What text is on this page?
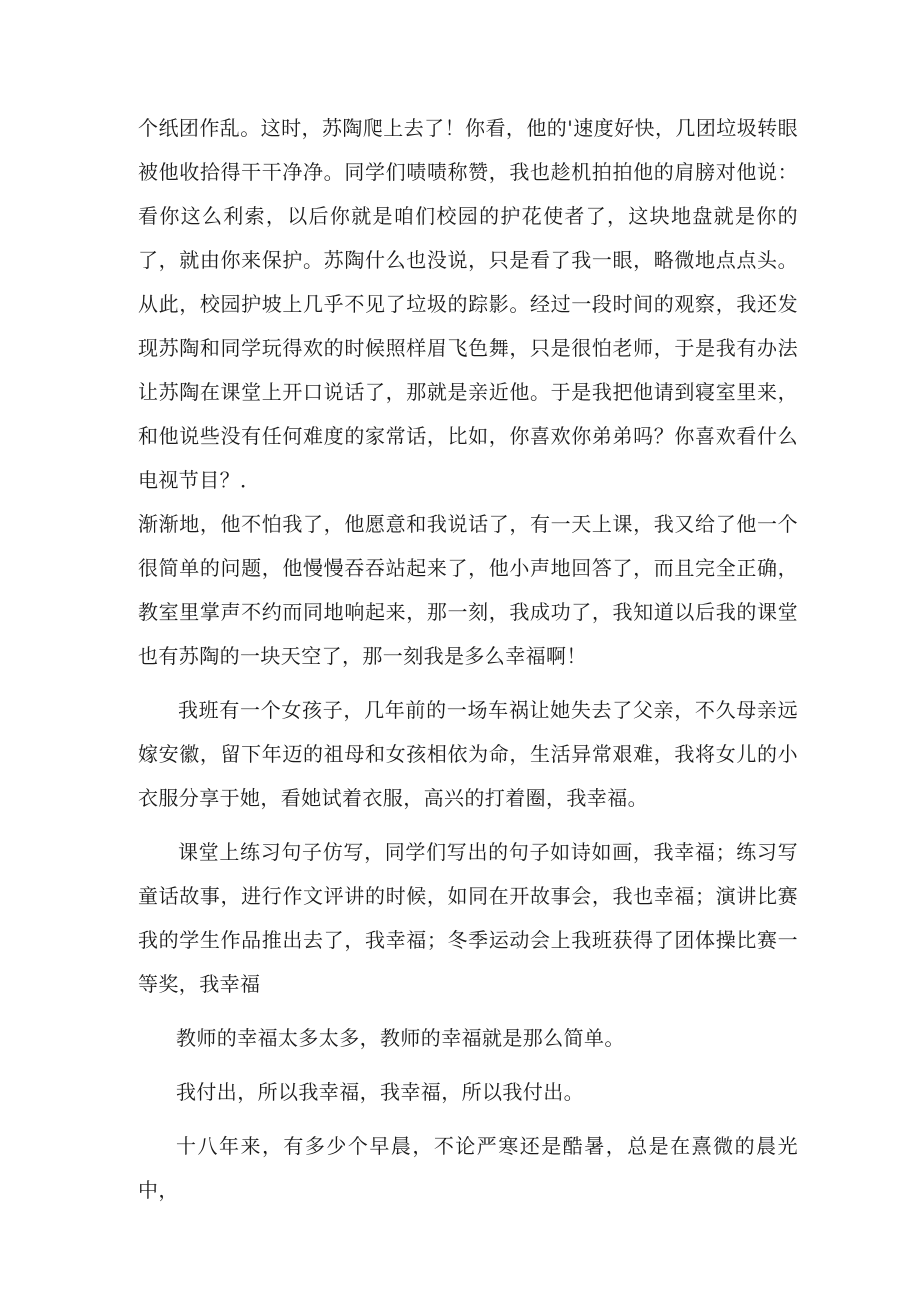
个纸团作乱。这时，苏陶爬上去了！你看，他的'速度好快，几团垃圾转眼被他收拾得干干净净。同学们啧啧称赞，我也趁机拍拍他的肩膀对他说：看你这么利索，以后你就是咱们校园的护花使者了，这块地盘就是你的了，就由你来保护。苏陶什么也没说，只是看了我一眼，略微地点点头。从此，校园护坡上几乎不见了垃圾的踪影。经过一段时间的观察，我还发现苏陶和同学玩得欢的时候照样眉飞色舞，只是很怕老师，于是我有办法让苏陶在课堂上开口说话了，那就是亲近他。于是我把他请到寝室里来，和他说些没有任何难度的家常话，比如，你喜欢你弟弟吗？你喜欢看什么电视节目？．

渐渐地，他不怕我了，他愿意和我说话了，有一天上课，我又给了他一个很简单的问题，他慢慢吞吞站起来了，他小声地回答了，而且完全正确，教室里掌声不约而同地响起来，那一刻，我成功了，我知道以后我的课堂也有苏陶的一块天空了，那一刻我是多么幸福啊！

我班有一个女孩子，几年前的一场车祸让她失去了父亲，不久母亲远嫁安徽，留下年迈的祖母和女孩相依为命，生活异常艰难，我将女儿的小衣服分享于她，看她试着衣服，高兴的打着圈，我幸福。

课堂上练习句子仿写，同学们写出的句子如诗如画，我幸福；练习写童话故事，进行作文评讲的时候，如同在开故事会，我也幸福；演讲比赛我的学生作品推出去了，我幸福；冬季运动会上我班获得了团体操比赛一等奖，我幸福

教师的幸福太多太多，教师的幸福就是那么简单。

我付出，所以我幸福，我幸福，所以我付出。

十八年来，有多少个早晨，不论严寒还是酷暑，总是在熹微的晨光中，
